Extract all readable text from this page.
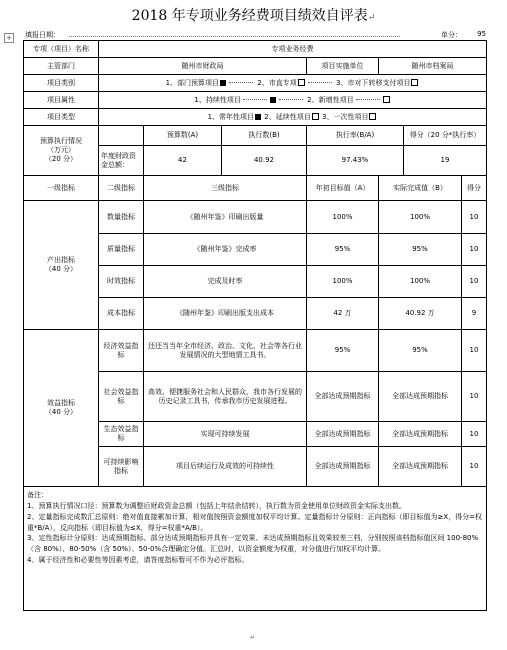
2018 年专项业务经费项目绩效自评表↵
+ 填报日期：	单分： 95
专项（项目）名称	专项业务经费						
主管部门	随州市财政局			项目实施单位	随州市档案局		
项目类别	1、部门预算项目 2、市直专项 3、市对下转移支付项目						
项目属性	1、持续性项目 2、新增性项目						
项目类型	1、常年性项目 2、延续性项目 3、一次性项目						
预算执行情况
（万元）
（20 分）		预算数(A)	执行数(B)	执行率(B/A)		得分（20 分*执行率）	
	年度财政资金总额：	42	40.92	97.43%		19	
一级指标	二级指标	三级指标		年初目标值（A）	实际完成值（B）		得分
产出指标
（40 分）	数量指标	《随州年鉴》印刷出版量		100%	100%		10
	质量指标	《随州年鉴》完成率		95%	95%		10
	时效指标	完成及时率		100%	100%		10
	成本指标	《随州年鉴》印刷出版支出成本		42 万	40.92 万		9
效益指标
（40 分）	经济效益指标	还还当当年全市经济、政治、文化、社会等各行业发展情况的大型地情工具书。		95%	95%		10
	社会效益指标	高效、便捷服务社会和人民群众，我市各行发展的历史记录工具书，传承我市历史发展进程。		全部达成预期指标	全部达成预期指标		10
	生态效益指标	实现可持续发展		全部达成预期指标	全部达成预期指标		10
	可持续影响指标	项目后续运行及成效的可持续性		全部达成预期指标	全部达成预期指标		10

备注：
1、预算执行情况口径：预算数为调整后财政资金总额（包括上年结余结转），执行数为资金使用单位财政资金实际支出数。
2、定量指标完成数汇总原则：绝对值直接累加计算，相对值按照资金额度加权平均计算。定量指标计分原则：正向指标（即目标值为≥X，得分=权重*B/A），反向指标（即目标值为≤X，得分=权重*A/B）。
3、定性指标计分原则：达成预期指标、部分达成预期指标并具有一定效果、未达成预期指标且效果较差三档，分别按照该档指标值区间 100-80%（含 80%）、80-50%（含 50%）、50-0%合理确定分值。汇总时，以资金额度为权重，对分值进行加权平均计算。
4、属于经济性和必要性等因素考虑，请答度指标暂可不作为必评指标。							
↵
